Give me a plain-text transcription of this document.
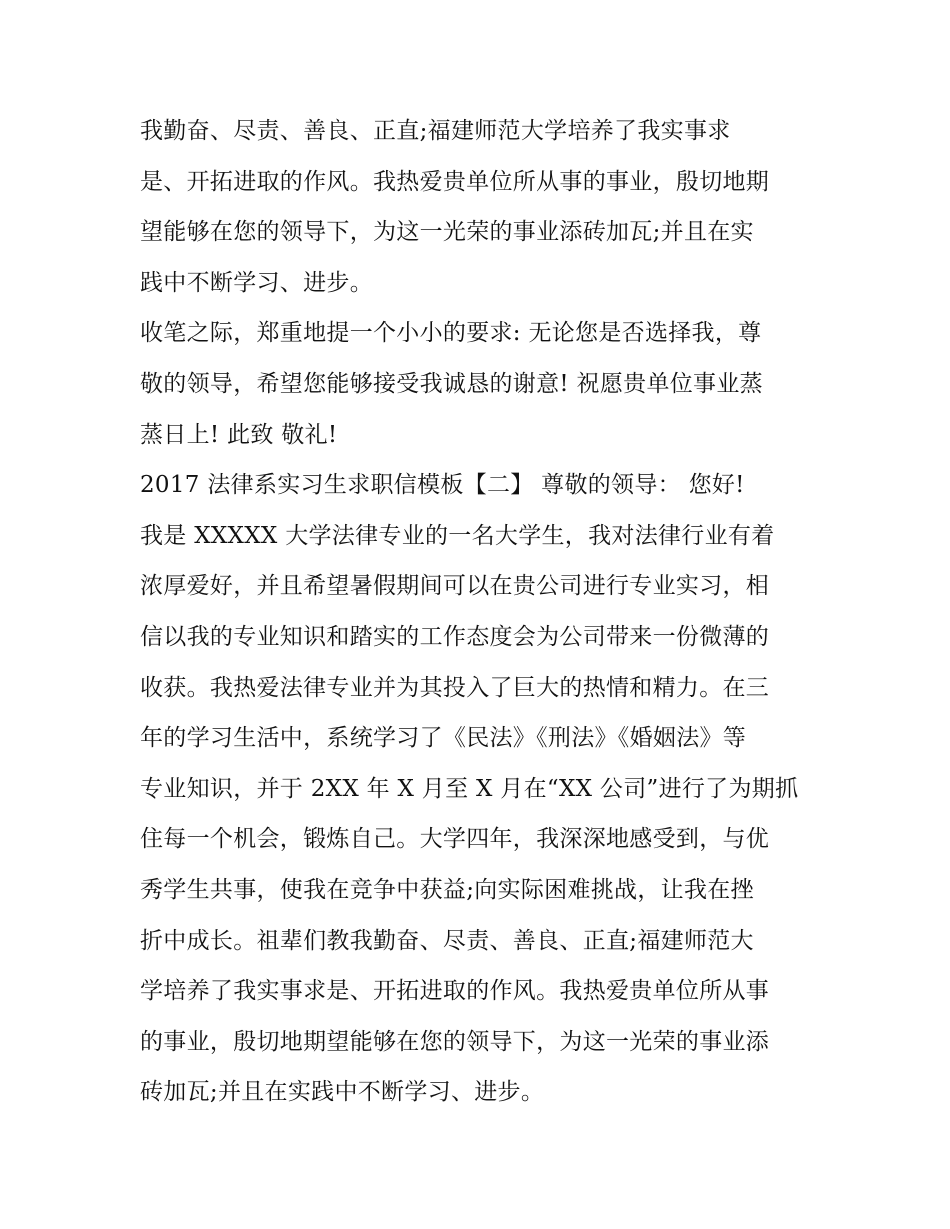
我勤奋、尽责、善良、正直;福建师范大学培养了我实事求
是、开拓进取的作风。我热爱贵单位所从事的事业，殷切地期
望能够在您的领导下，为这一光荣的事业添砖加瓦;并且在实
践中不断学习、进步。
收笔之际，郑重地提一个小小的要求: 无论您是否选择我，尊
敬的领导，希望您能够接受我诚恳的谢意! 祝愿贵单位事业蒸
蒸日上! 此致 敬礼!
2017 法律系实习生求职信模板【二】 尊敬的领导： 您好!
我是 XXXXX 大学法律专业的一名大学生，我对法律行业有着
浓厚爱好，并且希望暑假期间可以在贵公司进行专业实习，相
信以我的专业知识和踏实的工作态度会为公司带来一份微薄的
收获。我热爱法律专业并为其投入了巨大的热情和精力。在三
年的学习生活中，系统学习了《民法》《刑法》《婚姻法》等
专业知识，并于 2XX 年 X 月至 X 月在“XX 公司”进行了为期抓
住每一个机会，锻炼自己。大学四年，我深深地感受到，与优
秀学生共事，使我在竞争中获益;向实际困难挑战，让我在挫
折中成长。祖辈们教我勤奋、尽责、善良、正直;福建师范大
学培养了我实事求是、开拓进取的作风。我热爱贵单位所从事
的事业，殷切地期望能够在您的领导下，为这一光荣的事业添
砖加瓦;并且在实践中不断学习、进步。
